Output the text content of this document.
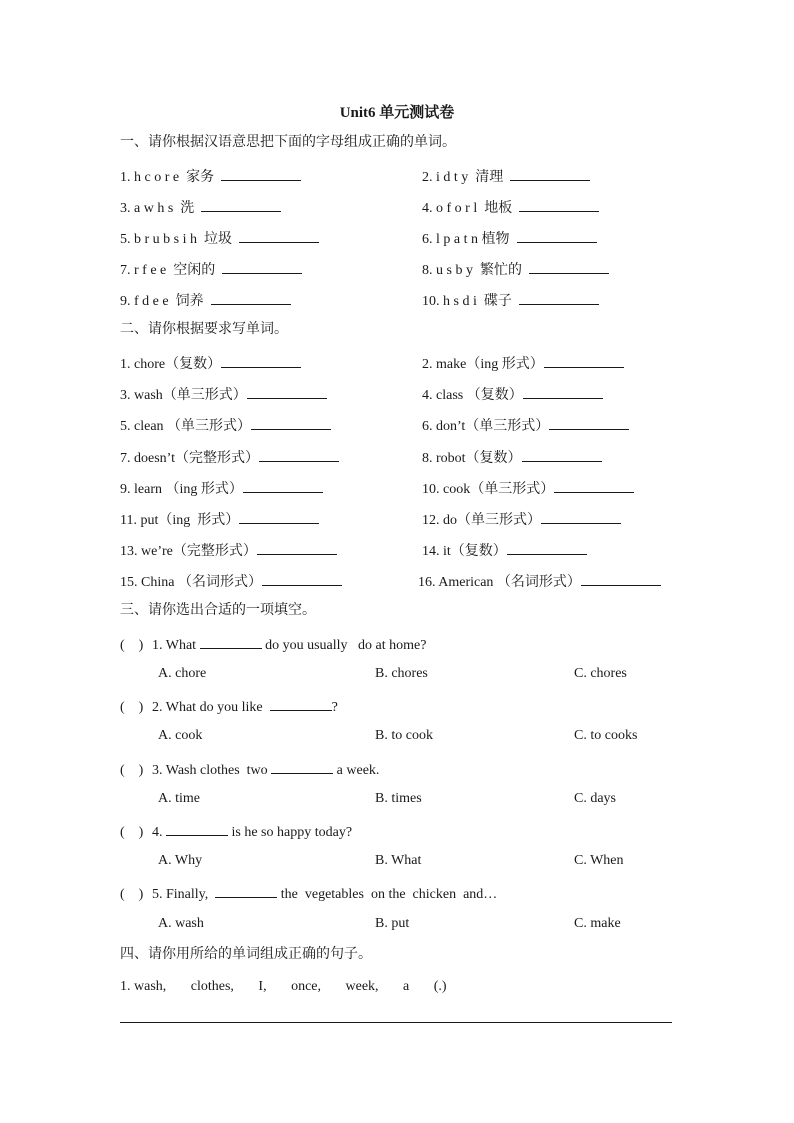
Unit6 单元测试卷
一、请你根据汉语意思把下面的字母组成正确的单词。
1. h c o r e  家务	2. i d t y  清理
3. a w h s  洗	4. o f o r l  地板
5. b r u b s i h  垃圾	6. l p a t n 植物
7. r f e e  空闲的	8. u s b y  繁忙的
9. f d e e  饲养	10. h s d i  碟子
二、请你根据要求写单词。
1. chore（复数）	2. make（ing 形式）
3. wash（单三形式）	4. class （复数）
5. clean （单三形式）	6. don’t（单三形式）
7. doesn’t（完整形式）	8. robot（复数）
9. learn （ing 形式）	10. cook（单三形式）
11. put（ing  形式）	12. do（单三形式）
13. we’re（完整形式）	14. it（复数）
15. China （名词形式）	16. American （名词形式）
三、请你选出合适的一项填空。
(    ) 1. What	do you usually   do at home?
A. chore	B. chores	C. chores
(    ) 2. What do you like	?
A. cook	B. to cook	C. to cooks
(    ) 3. Wash clothes  two	a week.
A. time	B. times	C. days
(    ) 4.	is he so happy today?
A. Why	B. What	C. When
(    ) 5. Finally,	the  vegetables  on the  chicken  and…
A. wash	B. put	C. make
四、请你用所给的单词组成正确的句子。
1. wash,       clothes,       I,       once,       week,       a       (.)
